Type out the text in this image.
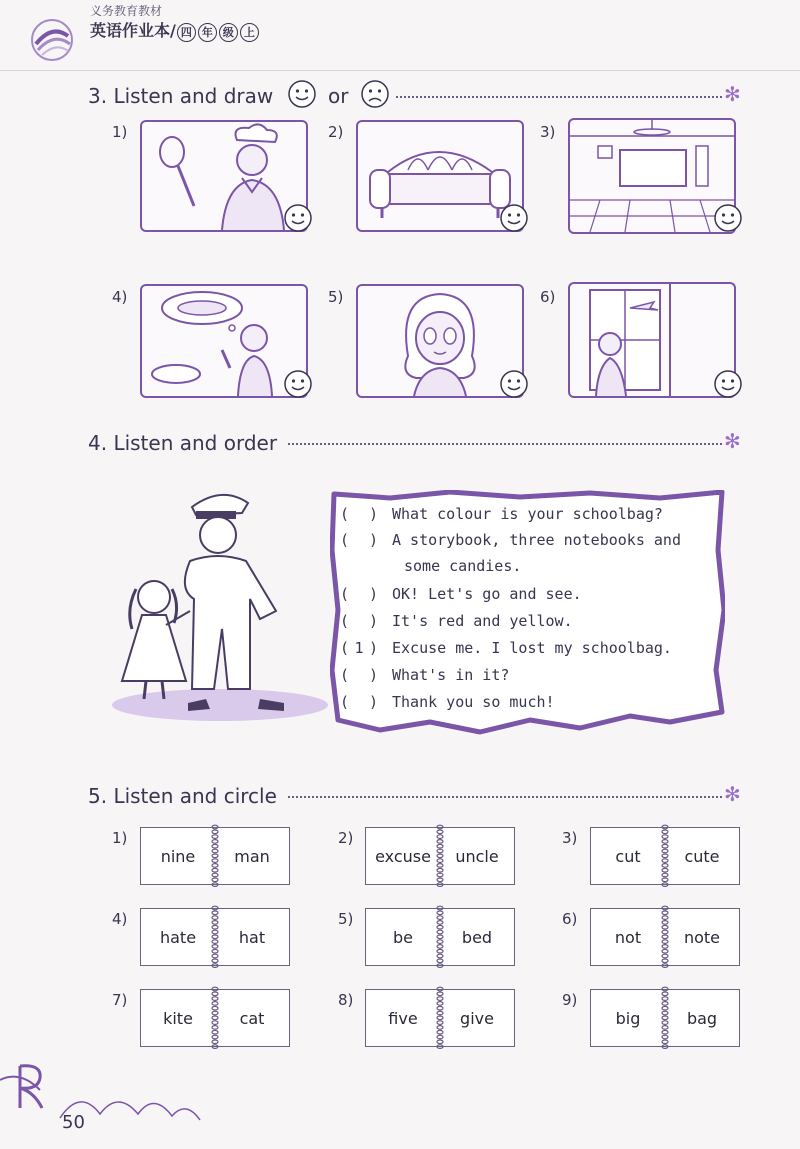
义务教育教材
英语作业本/ 四 年 级 上
3. Listen and draw	or	✻
1)	2)	3)
4)	5)	6)
4. Listen and order	✻
( ) What colour is your schoolbag?
( ) A storybook, three notebooks and
some candies.
( ) OK! Let's go and see.
( ) It's red and yellow.
( 1 ) Excuse me. I lost my schoolbag.
( ) What's in it?
( ) Thank you so much!
5. Listen and circle	✻
1)
nine	man
2)
excuse	uncle
3)
cut	cute
4)
hate	hat
5)
be	bed
6)
not	note
7)
kite	cat
8)
five	give
9)
big	bag
50
